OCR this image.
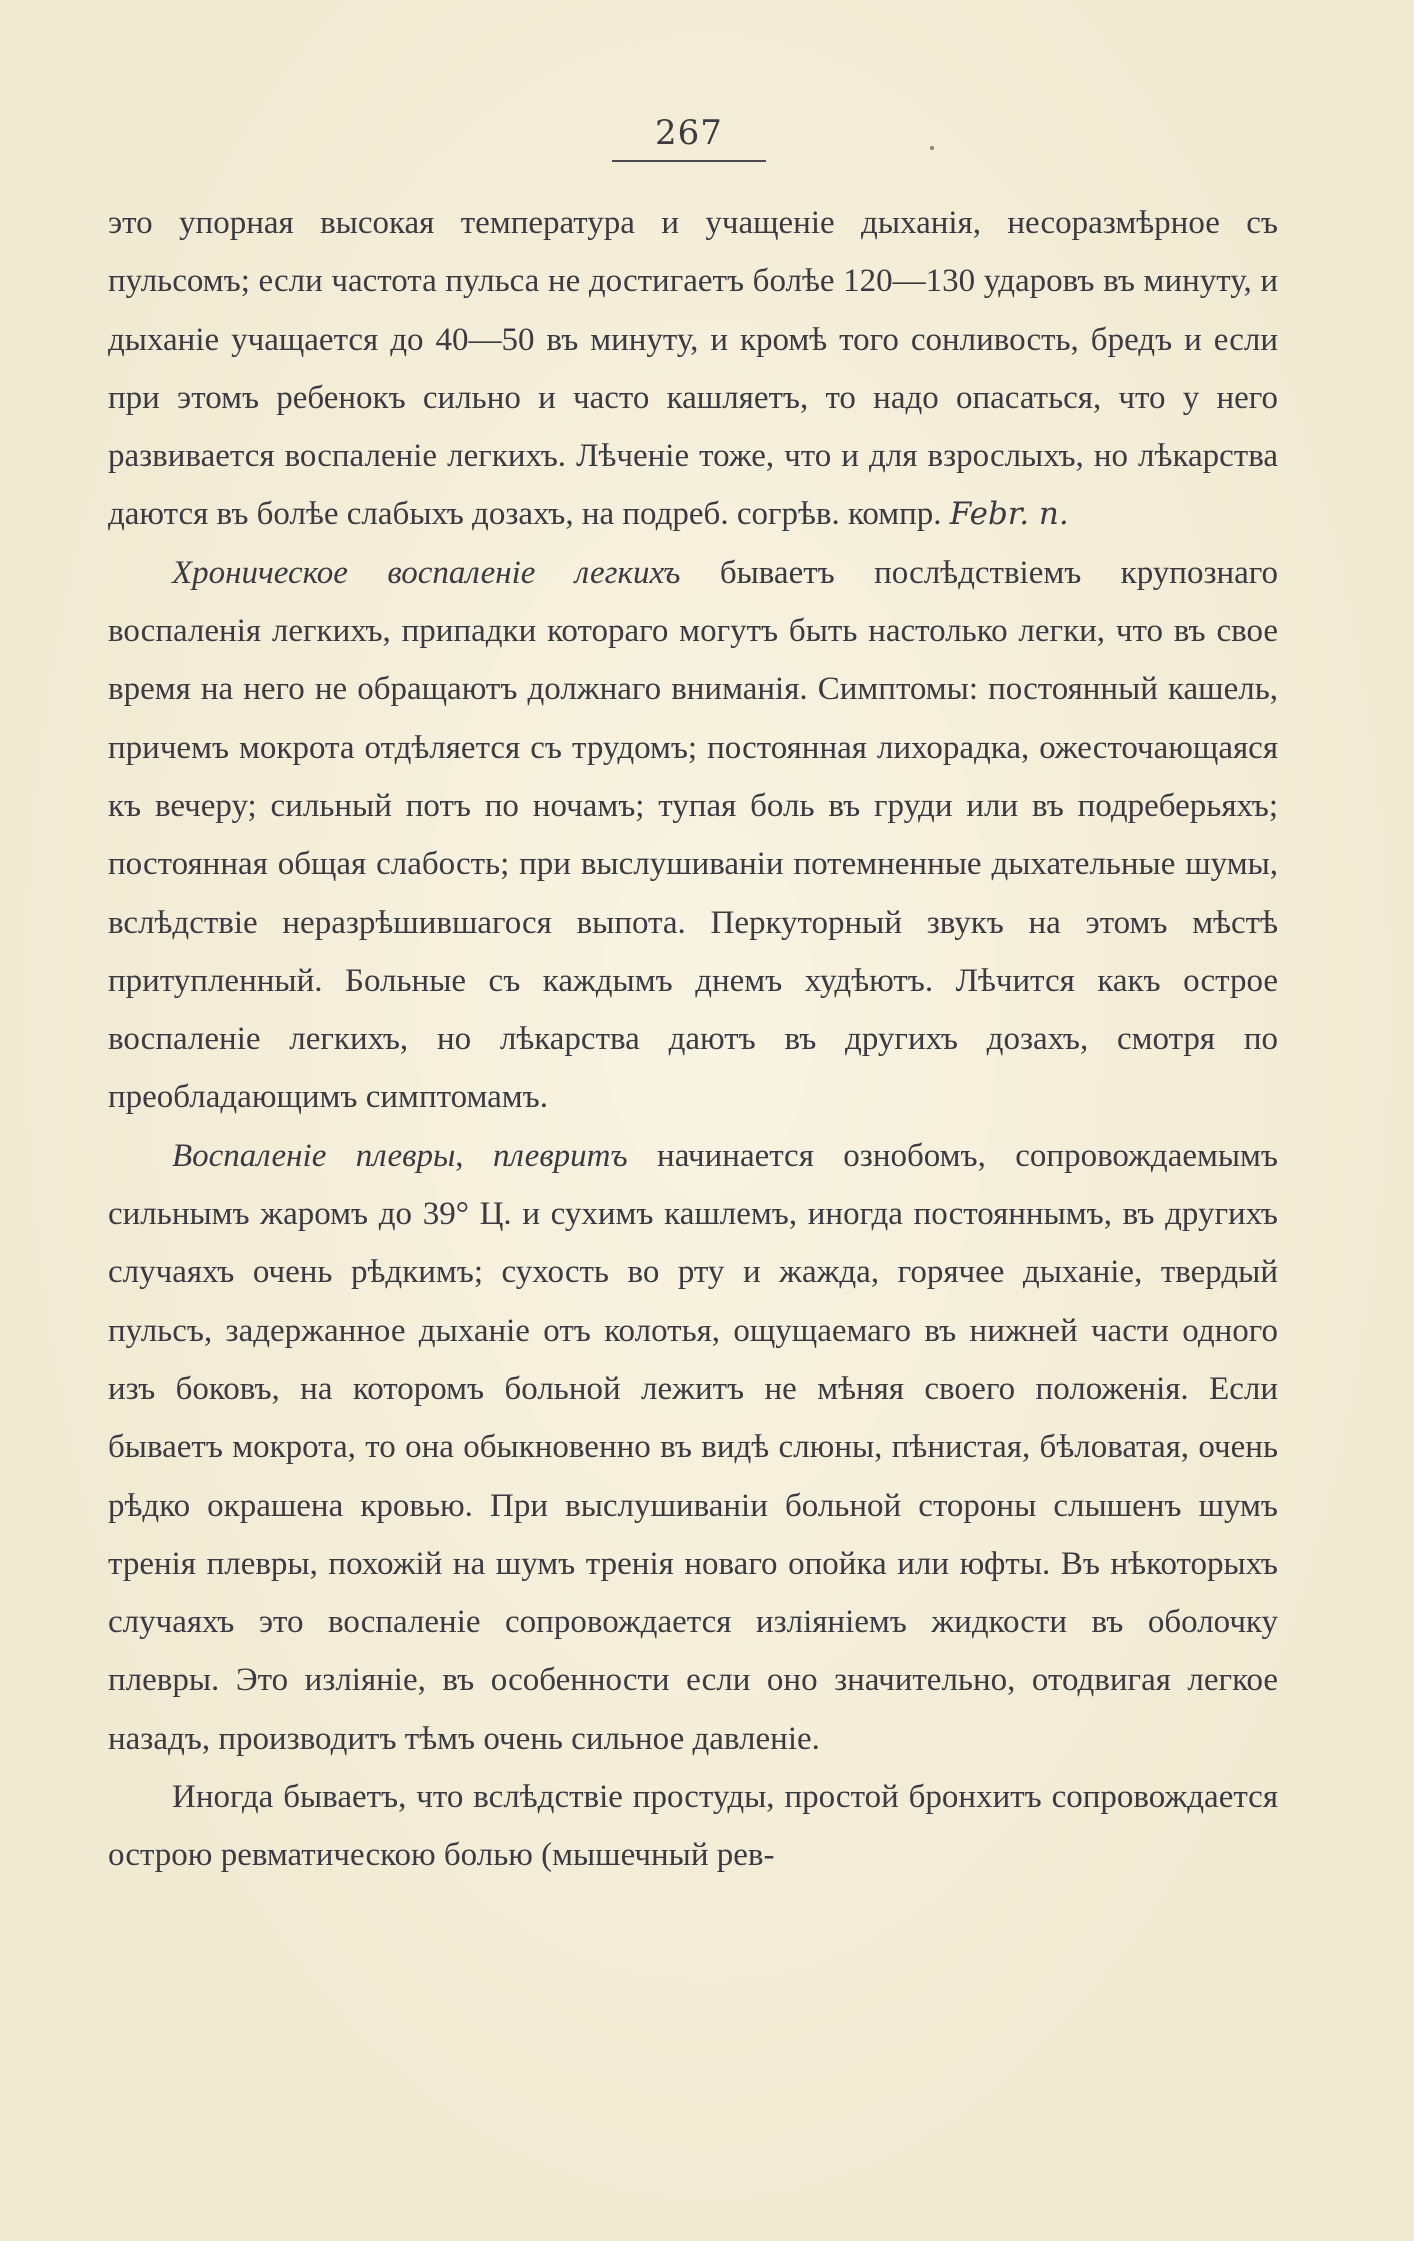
267

это упорная высокая температура и учащеніе дыханія, несоразмѣрное съ пульсомъ; если частота пульса не достигаетъ болѣе 120—130 ударовъ въ минуту, и дыханіе учащается до 40—50 въ минуту, и кромѣ того сонливость, бредъ и если при этомъ ребенокъ сильно и часто кашляетъ, то надо опасаться, что у него развивается воспаленіе легкихъ. Лѣченіе тоже, что и для взрослыхъ, но лѣкарства даются въ болѣе слабыхъ дозахъ, на подреб. согрѣв. компр. Febr. n.

Хроническое воспаленіе легкихъ бываетъ послѣдствіемъ крупознаго воспаленія легкихъ, припадки котораго могутъ быть настолько легки, что въ свое время на него не обращаютъ должнаго вниманія. Симптомы: постоянный кашель, причемъ мокрота отдѣляется съ трудомъ; постоянная лихорадка, ожесточающаяся къ вечеру; сильный потъ по ночамъ; тупая боль въ груди или въ подреберьяхъ; постоянная общая слабость; при выслушиваніи потемненные дыхательные шумы, вслѣдствіе неразрѣшившагося выпота. Перкуторный звукъ на этомъ мѣстѣ притупленный. Больные съ каждымъ днемъ худѣютъ. Лѣчится какъ острое воспаленіе легкихъ, но лѣкарства даютъ въ другихъ дозахъ, смотря по преобладающимъ симптомамъ.

Воспаленіе плевры, плевритъ начинается ознобомъ, сопровождаемымъ сильнымъ жаромъ до 39° Ц. и сухимъ кашлемъ, иногда постояннымъ, въ другихъ случаяхъ очень рѣдкимъ; сухость во рту и жажда, горячее дыханіе, твердый пульсъ, задержанное дыханіе отъ колотья, ощущаемаго въ нижней части одного изъ боковъ, на которомъ больной лежитъ не мѣняя своего положенія. Если бываетъ мокрота, то она обыкновенно въ видѣ слюны, пѣнистая, бѣловатая, очень рѣдко окрашена кровью. При выслушиваніи больной стороны слышенъ шумъ тренія плевры, похожій на шумъ тренія новаго опойка или юфты. Въ нѣкоторыхъ случаяхъ это воспаленіе сопровождается изліяніемъ жидкости въ оболочку плевры. Это изліяніе, въ особенности если оно значительно, отодвигая легкое назадъ, производитъ тѣмъ очень сильное давленіе.

Иногда бываетъ, что вслѣдствіе простуды, простой бронхитъ сопровождается острою ревматическою болью (мышечный рев-
